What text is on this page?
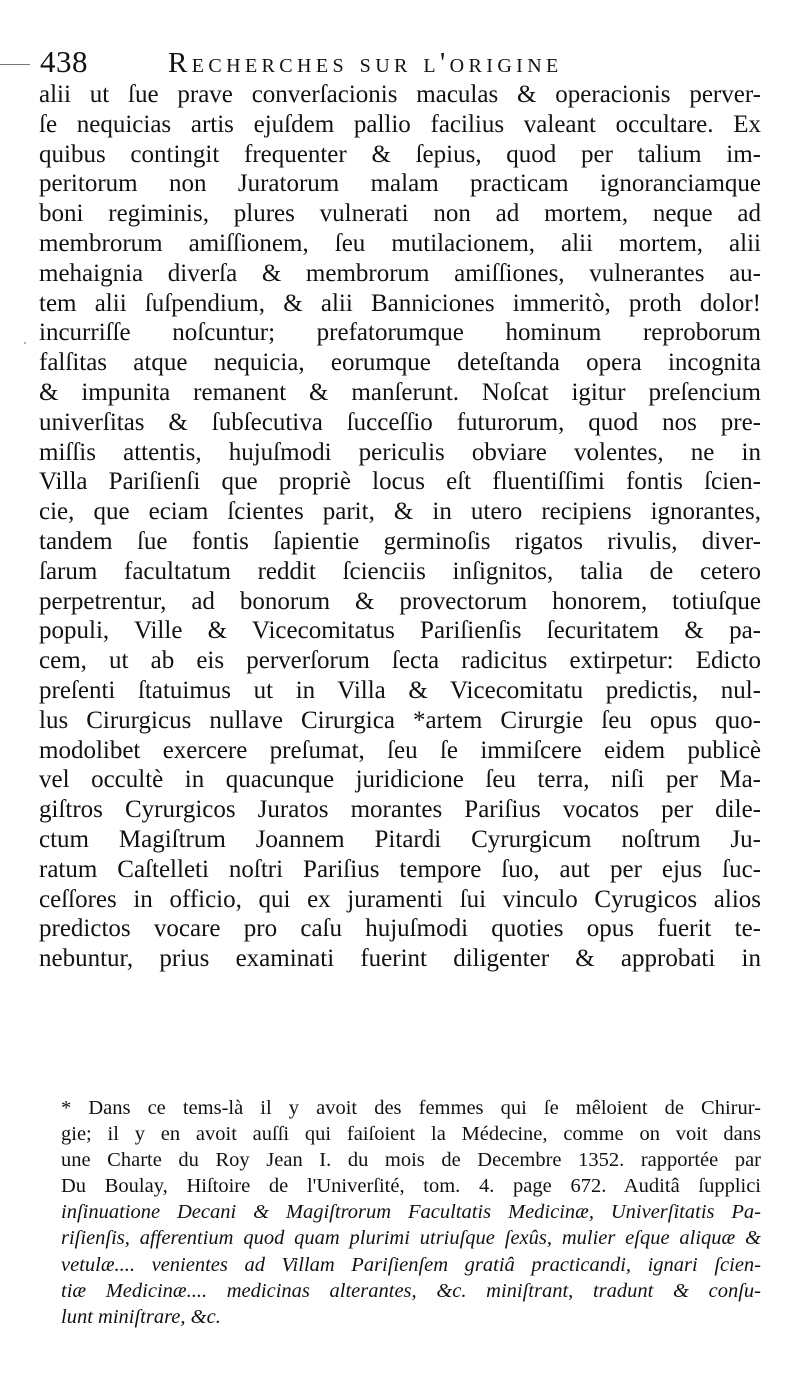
438	Recherches sur l'origine
alii ut ſue prave converſacionis maculas & operacionis perver-
ſe nequicias artis ejuſdem pallio facilius valeant occultare. Ex
quibus contingit frequenter & ſepius, quod per talium im-
peritorum non Juratorum malam practicam ignoranciamque
boni regiminis, plures vulnerati non ad mortem, neque ad
membrorum amiſſionem, ſeu mutilacionem, alii mortem, alii
mehaignia diverſa & membrorum amiſſiones, vulnerantes au-
tem alii ſuſpendium, & alii Banniciones immeritò, proth dolor!
incurriſſe noſcuntur; prefatorumque hominum reproborum
falſitas atque nequicia, eorumque deteſtanda opera incognita
& impunita remanent & manſerunt. Noſcat igitur preſencium
univerſitas & ſubſecutiva ſucceſſio futurorum, quod nos pre-
miſſis attentis, hujuſmodi periculis obviare volentes, ne in
Villa Pariſienſi que propriè locus eſt fluentiſſimi fontis ſcien-
cie, que eciam ſcientes parit, & in utero recipiens ignorantes,
tandem ſue fontis ſapientie germinoſis rigatos rivulis, diver-
ſarum facultatum reddit ſcienciis inſignitos, talia de cetero
perpetrentur, ad bonorum & provectorum honorem, totiuſque
populi, Ville & Vicecomitatus Pariſienſis ſecuritatem & pa-
cem, ut ab eis perverſorum ſecta radicitus extirpetur: Edicto
preſenti ſtatuimus ut in Villa & Vicecomitatu predictis, nul-
lus Cirurgicus nullave Cirurgica *artem Cirurgie ſeu opus quo-
modolibet exercere preſumat, ſeu ſe immiſcere eidem publicè
vel occultè in quacunque juridicione ſeu terra, niſi per Ma-
giſtros Cyrurgicos Juratos morantes Pariſius vocatos per dile-
ctum Magiſtrum Joannem Pitardi Cyrurgicum noſtrum Ju-
ratum Caſtelleti noſtri Pariſius tempore ſuo, aut per ejus ſuc-
ceſſores in officio, qui ex juramenti ſui vinculo Cyrugicos alios
predictos vocare pro caſu hujuſmodi quoties opus fuerit te-
nebuntur, prius examinati fuerint diligenter & approbati in
* Dans ce tems-là il y avoit des femmes qui ſe mêloient de Chirur-
gie; il y en avoit auſſi qui faiſoient la Médecine, comme on voit dans
une Charte du Roy Jean I. du mois de Decembre 1352. rapportée par
Du Boulay, Hiſtoire de l'Univerſité, tom. 4. page 672. Auditâ ſupplici
inſinuatione Decani & Magiſtrorum Facultatis Medicinæ, Univerſitatis Pa-
riſienſis, afferentium quod quam plurimi utriuſque ſexûs, mulier eſque aliquæ &
vetulæ.... venientes ad Villam Pariſienſem gratiâ practicandi, ignari ſcien-
tiæ Medicinæ.... medicinas alterantes, &c. miniſtrant, tradunt & conſu-
lunt miniſtrare, &c.
